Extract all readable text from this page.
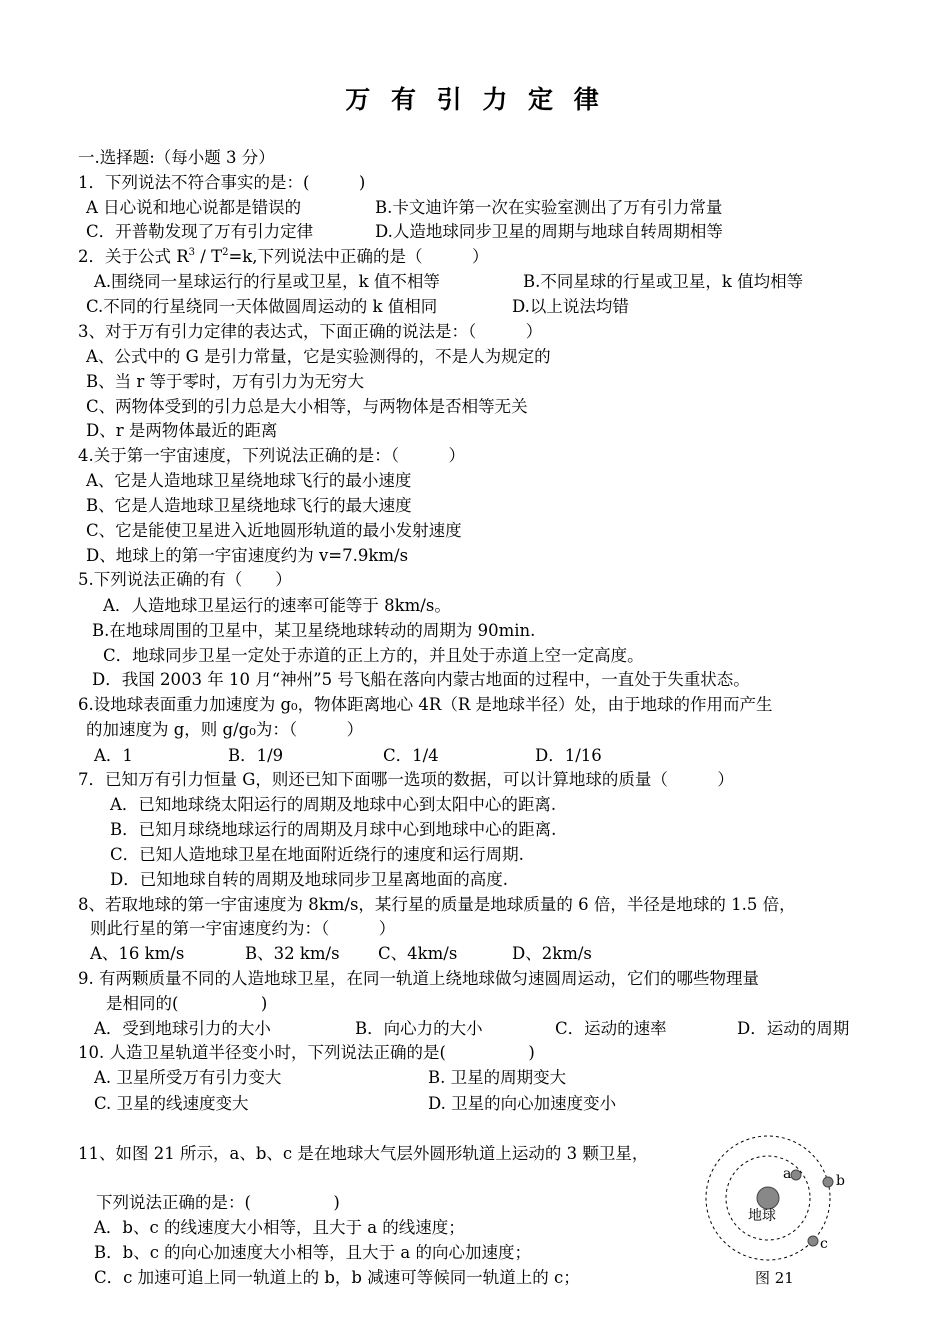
万 有 引 力 定 律
一.选择题:（每小题 3 分）
1．下列说法不符合事实的是：(　　　)
A 日心说和地心说都是错误的	B.卡文迪许第一次在实验室测出了万有引力常量
C．开普勒发现了万有引力定律	D.人造地球同步卫星的周期与地球自转周期相等
2．关于公式 $R^3 / T^2=k$,下列说法中正确的是（　　　）
A.围绕同一星球运行的行星或卫星，k 值不相等	B.不同星球的行星或卫星，k 值均相等
C.不同的行星绕同一天体做圆周运动的 k 值相同	D.以上说法均错
3、对于万有引力定律的表达式，下面正确的说法是：（　　　）
A、公式中的 G 是引力常量，它是实验测得的，不是人为规定的
B、当 r 等于零时，万有引力为无穷大
C、两物体受到的引力总是大小相等，与两物体是否相等无关
D、r 是两物体最近的距离
4.关于第一宇宙速度，下列说法正确的是：（　　　）
A、它是人造地球卫星绕地球飞行的最小速度
B、它是人造地球卫星绕地球飞行的最大速度
C、它是能使卫星进入近地圆形轨道的最小发射速度
D、地球上的第一宇宙速度约为 v=7.9km/s
5.下列说法正确的有（　　）
A．人造地球卫星运行的速率可能等于 8km/s。
B.在地球周围的卫星中，某卫星绕地球转动的周期为 90min.
C．地球同步卫星一定处于赤道的正上方的，并且处于赤道上空一定高度。
D．我国 2003 年 10 月“神州”5 号飞船在落向内蒙古地面的过程中，一直处于失重状态。
6.设地球表面重力加速度为 g₀，物体距离地心 4R（R 是地球半径）处，由于地球的作用而产生
的加速度为 g，则 g/g₀为：（　　　）
A．1	B．1/9	C．1/4	D．1/16
7．已知万有引力恒量 G，则还已知下面哪一选项的数据，可以计算地球的质量（　　　）
A．已知地球绕太阳运行的周期及地球中心到太阳中心的距离.
B．已知月球绕地球运行的周期及月球中心到地球中心的距离.
C．已知人造地球卫星在地面附近绕行的速度和运行周期.
D．已知地球自转的周期及地球同步卫星离地面的高度.
8、若取地球的第一宇宙速度为 8km/s，某行星的质量是地球质量的 6 倍，半径是地球的 1.5 倍，
则此行星的第一宇宙速度约为：（　　　）
A、16 km/s	B、32 km/s C、4km/s	D、2km/s
9. 有两颗质量不同的人造地球卫星，在同一轨道上绕地球做匀速圆周运动，它们的哪些物理量
是相同的(　　　　　)
A．受到地球引力的大小	B．向心力的大小	C．运动的速率	D．运动的周期
10. 人造卫星轨道半径变小时，下列说法正确的是(　　　　　)
A. 卫星所受万有引力变大	B. 卫星的周期变大
C. 卫星的线速度变大	D. 卫星的向心加速度变小
11、如图 21 所示，a、b、c 是在地球大气层外圆形轨道上运动的 3 颗卫星，
下列说法正确的是：(　　　　　)
A．b、c 的线速度大小相等，且大于 a 的线速度；
B．b、c 的向心加速度大小相等，且大于 a 的向心加速度；
C．c 加速可追上同一轨道上的 b，b 减速可等候同一轨道上的 c；
地球
a	b
c
图 21
